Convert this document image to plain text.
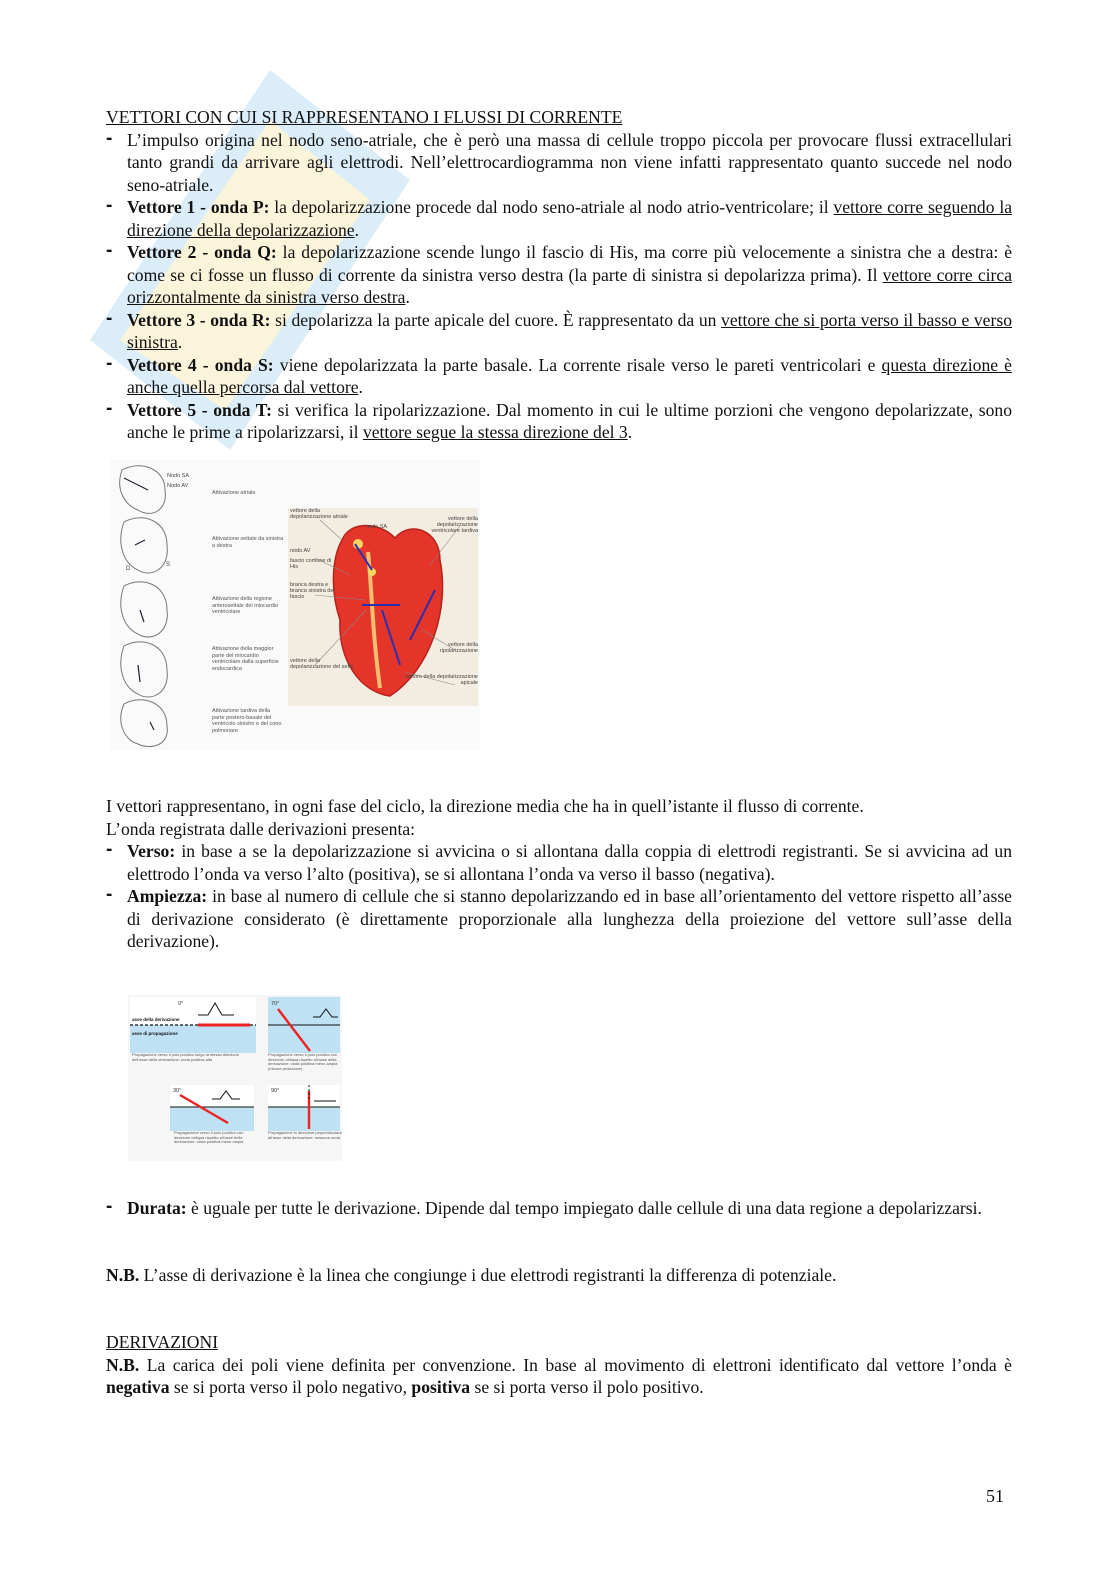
VETTORI CON CUI SI RAPPRESENTANO I FLUSSI DI CORRENTE
- L’impulso origina nel nodo seno-atriale, che è però una massa di cellule troppo piccola per provocare flussi extracellulari tanto grandi da arrivare agli elettrodi. Nell’elettrocardiogramma non viene infatti rappresentato quanto succede nel nodo seno-atriale.
- Vettore 1 - onda P: la depolarizzazione procede dal nodo seno-atriale al nodo atrio-ventricolare; il vettore corre seguendo la direzione della depolarizzazione.
- Vettore 2 - onda Q: la depolarizzazione scende lungo il fascio di His, ma corre più velocemente a sinistra che a destra: è come se ci fosse un flusso di corrente da sinistra verso destra (la parte di sinistra si depolarizza prima). Il vettore corre circa orizzontalmente da sinistra verso destra.
- Vettore 3 - onda R: si depolarizza la parte apicale del cuore. È rappresentato da un vettore che si porta verso il basso e verso sinistra.
- Vettore 4 - onda S: viene depolarizzata la parte basale. La corrente risale verso le pareti ventricolari e questa direzione è anche quella percorsa dal vettore.
- Vettore 5 - onda T: si verifica la ripolarizzazione. Dal momento in cui le ultime porzioni che vengono depolarizzate, sono anche le prime a ripolarizzarsi, il vettore segue la stessa direzione del 3.
Nodo SA
Nodo AV
D
S
Attivazione atriale
Attivazione settale da sinistra a destra
Attivazione della regione anterosettale del miocardio ventricolare
Attivazione della maggior parte del miocardio ventricolare dalla superficie endocardica
Attivazione tardiva della parte postero-basale del ventricolo sinistro e del cono polmonare
vettore della depolarizzazione atriale
nodo SA
vettore della depolarizzazione ventricolare tardiva
nodo AV
fascio comune di His
branca destra e branca sinistra del fascio
vettore della ripolarizzazione
vettore della depolarizzazione del setto
vettore della depolarizzazione apicale

I vettori rappresentano, in ogni fase del ciclo, la direzione media che ha in quell’istante il flusso di corrente.

L’onda registrata dalle derivazioni presenta:

- Verso: in base a se la depolarizzazione si avvicina o si allontana dalla coppia di elettrodi registranti. Se si avvicina ad un elettrodo l’onda va verso l’alto (positiva), se si allontana l’onda va verso il basso (negativa).
- Ampiezza: in base al numero di cellule che si stanno depolarizzando ed in base all’orientamento del vettore rispetto all’asse di derivazione considerato (è direttamente proporzionale alla lunghezza della proiezione del vettore sull’asse della derivazione).
0°
asse della derivazione
asse di propagazione
Propagazione verso il polo positivo lungo la stessa direzione dell’asse della derivazione: onda positiva alta
70°
Propagazione verso il polo positivo con direzione obliqua rispetto all’asse della derivazione: onda positiva meno ampia (minore proiezione)
30°
Propagazione verso il polo positivo con direzione obliqua rispetto all’asse della derivazione: onda positiva meno ampia
90°
Propagazione in direzione perpendicolare all’asse della derivazione: nessuna onda
- Durata: è uguale per tutte le derivazione. Dipende dal tempo impiegato dalle cellule di una data regione a depolarizzarsi.

N.B. L’asse di derivazione è la linea che congiunge i due elettrodi registranti la differenza di potenziale.

DERIVAZIONI

N.B. La carica dei poli viene definita per convenzione. In base al movimento di elettroni identificato dal vettore l’onda è negativa se si porta verso il polo negativo, positiva se si porta verso il polo positivo.

51
